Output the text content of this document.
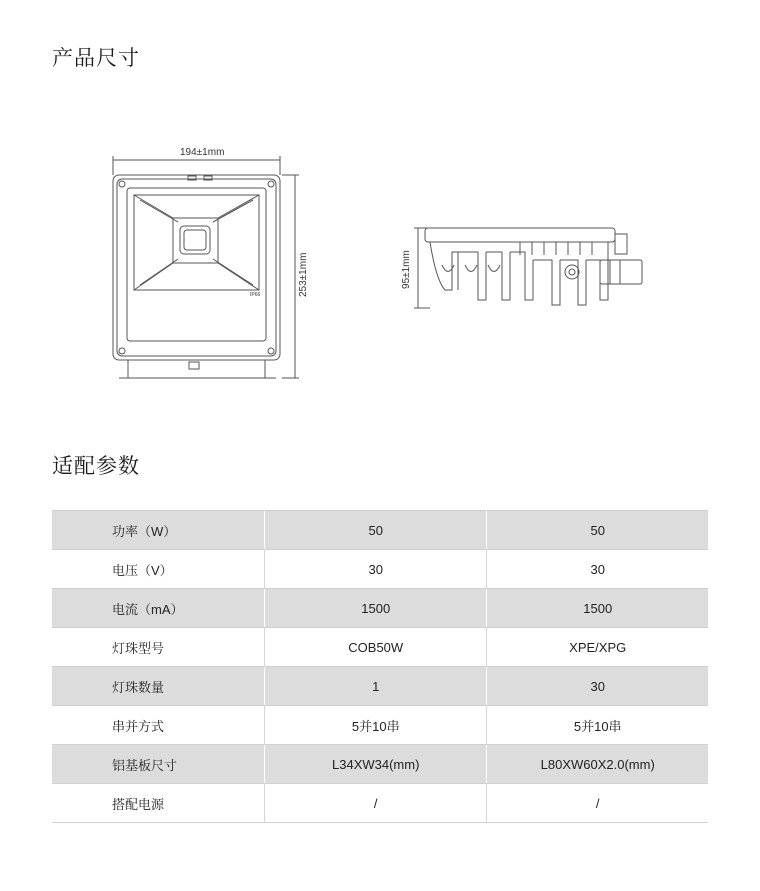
产品尺寸
194±1mm
253±1mm	95±1mm
IP66
适配参数
功率（W）	50	50
电压（V）	30	30
电流（mA）	1500	1500
灯珠型号	COB50W	XPE/XPG
灯珠数量	1	30
串并方式	5并10串	5并10串
铝基板尺寸	L34XW34(mm)	L80XW60X2.0(mm)
搭配电源	/	/
